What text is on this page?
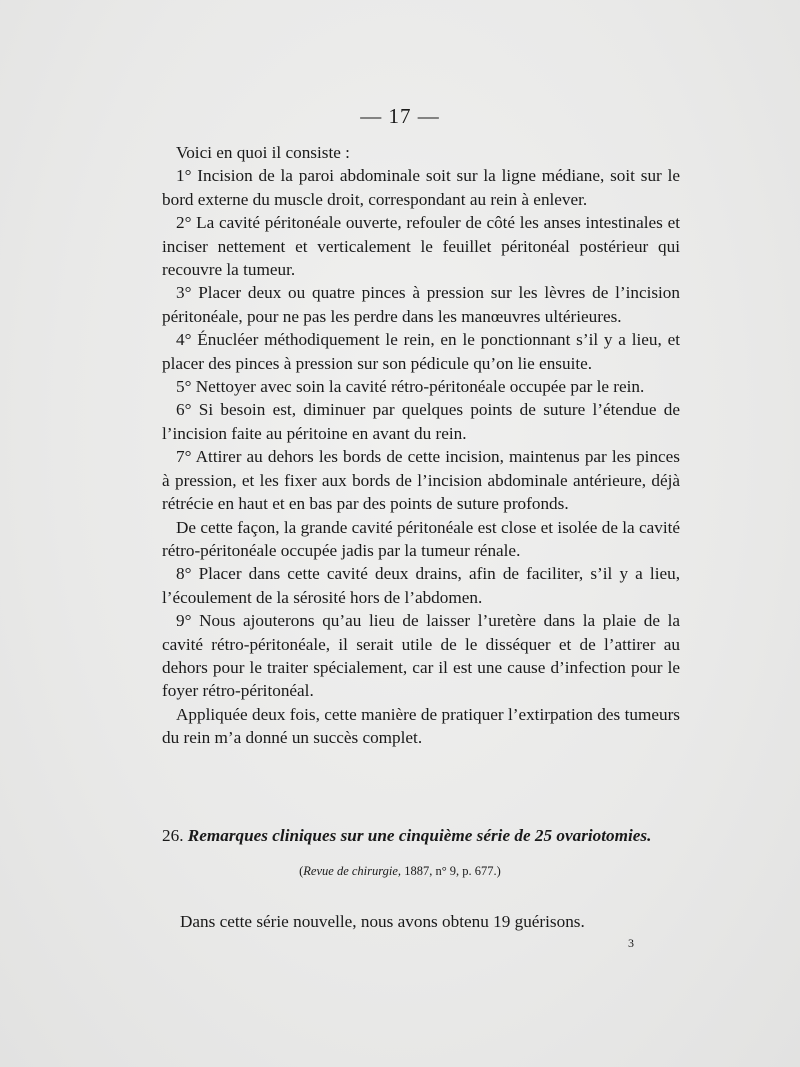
— 17 —

Voici en quoi il consiste :

1° Incision de la paroi abdominale soit sur la ligne médiane, soit sur le bord externe du muscle droit, correspondant au rein à enlever.

2° La cavité péritonéale ouverte, refouler de côté les anses intestinales et inciser nettement et verticalement le feuillet péritonéal postérieur qui recouvre la tumeur.

3° Placer deux ou quatre pinces à pression sur les lèvres de l’incision péritonéale, pour ne pas les perdre dans les manœuvres ultérieures.

4° Énucléer méthodiquement le rein, en le ponctionnant s’il y a lieu, et placer des pinces à pression sur son pédicule qu’on lie ensuite.

5° Nettoyer avec soin la cavité rétro-péritonéale occupée par le rein.

6° Si besoin est, diminuer par quelques points de suture l’étendue de l’incision faite au péritoine en avant du rein.

7° Attirer au dehors les bords de cette incision, maintenus par les pinces à pression, et les fixer aux bords de l’incision abdominale antérieure, déjà rétrécie en haut et en bas par des points de suture profonds.

De cette façon, la grande cavité péritonéale est close et isolée de la cavité rétro-péritonéale occupée jadis par la tumeur rénale.

8° Placer dans cette cavité deux drains, afin de faciliter, s’il y a lieu, l’écoulement de la sérosité hors de l’abdomen.

9° Nous ajouterons qu’au lieu de laisser l’uretère dans la plaie de la cavité rétro-péritonéale, il serait utile de le disséquer et de l’attirer au dehors pour le traiter spécialement, car il est une cause d’infection pour le foyer rétro-péritonéal.

Appliquée deux fois, cette manière de pratiquer l’extirpation des tumeurs du rein m’a donné un succès complet.

26. Remarques cliniques sur une cinquième série de 25 ovariotomies.
(Revue de chirurgie, 1887, n° 9, p. 677.)
Dans cette série nouvelle, nous avons obtenu 19 guérisons.
3
